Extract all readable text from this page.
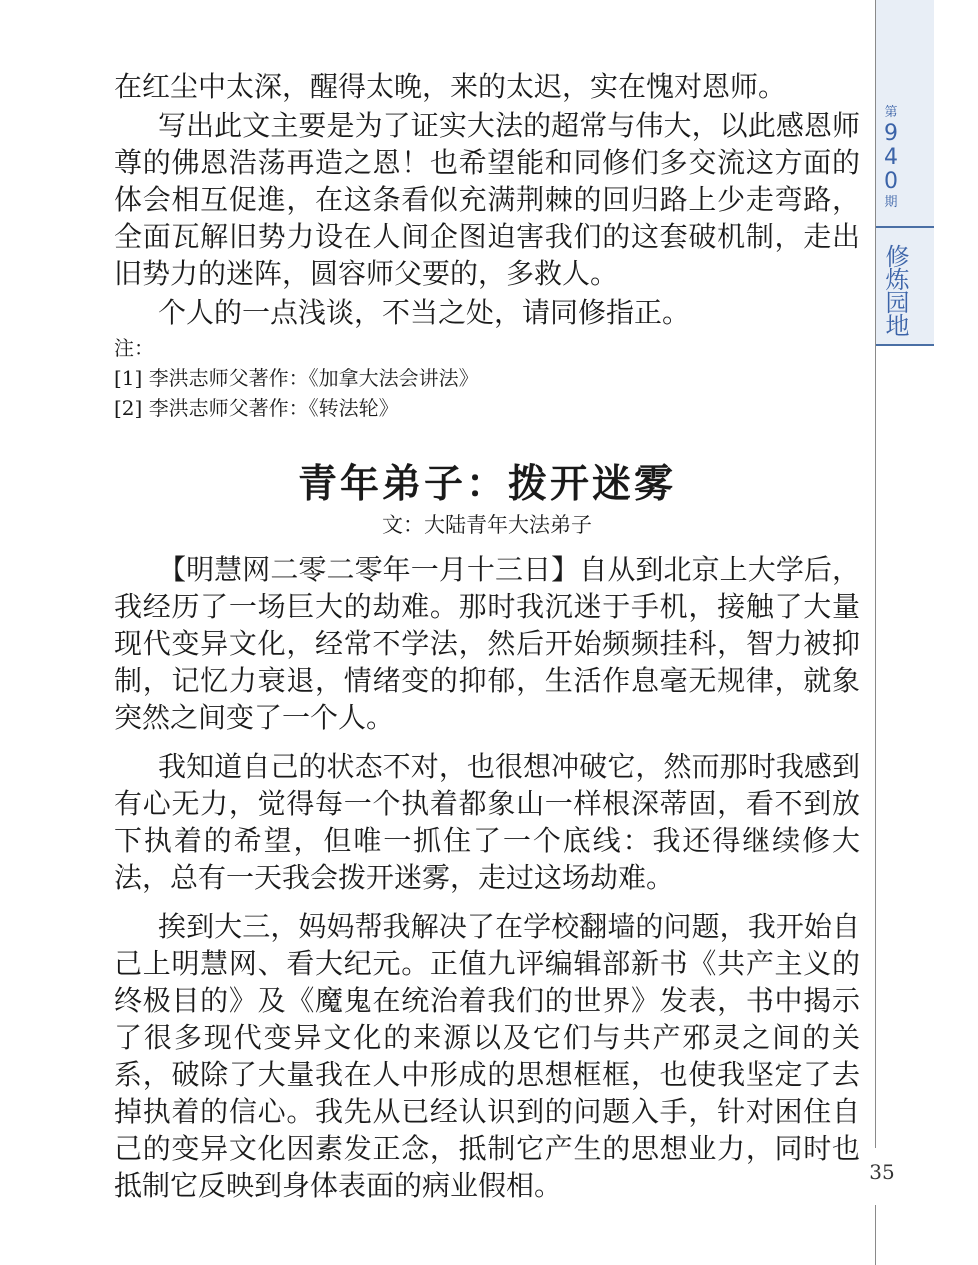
在红尘中太深，醒得太晚，来的太迟，实在愧对恩师。

写出此文主要是为了证实大法的超常与伟大，以此感恩师尊的佛恩浩荡再造之恩！也希望能和同修们多交流这方面的体会相互促進，在这条看似充满荆棘的回归路上少走弯路，全面瓦解旧势力设在人间企图迫害我们的这套破机制，走出旧势力的迷阵，圆容师父要的，多救人。

个人的一点浅谈，不当之处，请同修指正。

注：

[1] 李洪志师父著作：《加拿大法会讲法》

[2] 李洪志师父著作：《转法轮》

青年弟子：拨开迷雾
文：大陆青年大法弟子

【明慧网二零二零年一月十三日】自从到北京上大学后，我经历了一场巨大的劫难。那时我沉迷于手机，接触了大量现代变异文化，经常不学法，然后开始频频挂科，智力被抑制，记忆力衰退，情绪变的抑郁，生活作息毫无规律，就象突然之间变了一个人。

我知道自己的状态不对，也很想冲破它，然而那时我感到有心无力，觉得每一个执着都象山一样根深蒂固，看不到放下执着的希望，但唯一抓住了一个底线：我还得继续修大法，总有一天我会拨开迷雾，走过这场劫难。

挨到大三，妈妈帮我解决了在学校翻墙的问题，我开始自己上明慧网、看大纪元。正值九评编辑部新书《共产主义的终极目的》及《魔鬼在统治着我们的世界》发表，书中揭示了很多现代变异文化的来源以及它们与共产邪灵之间的关系，破除了大量我在人中形成的思想框框，也使我坚定了去掉执着的信心。我先从已经认识到的问题入手，针对困住自己的变异文化因素发正念，抵制它产生的思想业力，同时也抵制它反映到身体表面的病业假相。

第
9
4
0
期
修炼园地
35
